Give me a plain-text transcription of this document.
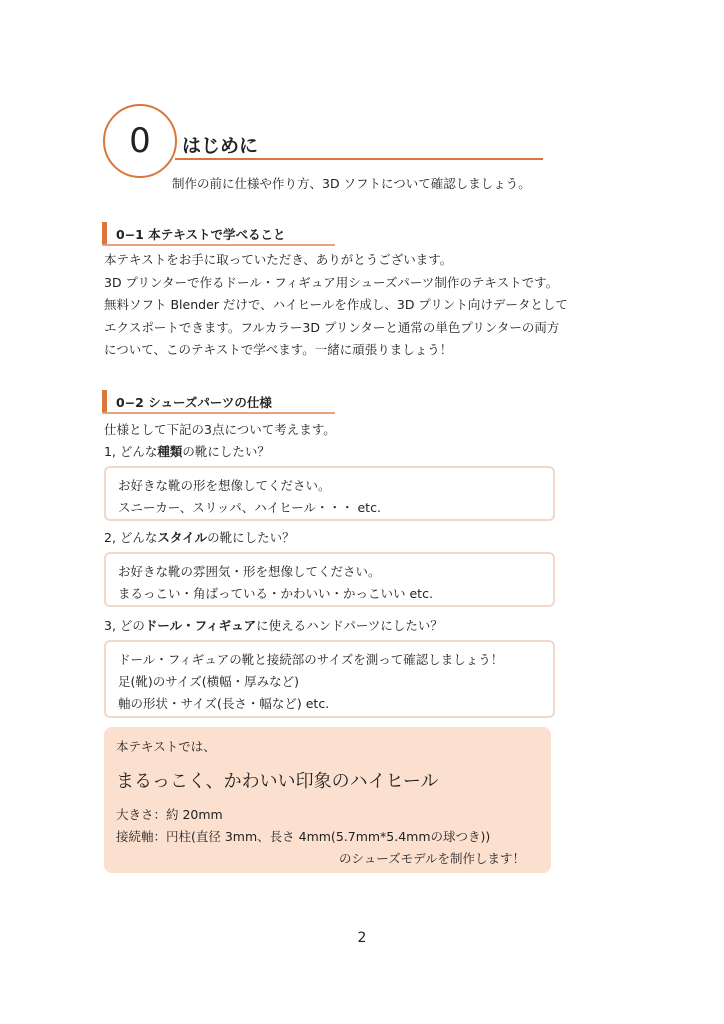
0 はじめに
制作の前に仕様や作り方、3D ソフトについて確認しましょう。
0−1 本テキストで学べること

本テキストをお手に取っていただき、ありがとうございます。

3D プリンターで作るドール・フィギュア用シューズパーツ制作のテキストです。

無料ソフト Blender だけで、ハイヒールを作成し、3D プリント向けデータとして

エクスポートできます。フルカラー3D プリンターと通常の単色プリンターの両方

について、このテキストで学べます。一緒に頑張りましょう！

0−2 シューズパーツの仕様
仕様として下記の3点について考えます。
1, どんな種類の靴にしたい？

お好きな靴の形を想像してください。

スニーカー、スリッパ、ハイヒール・・・ etc.

2, どんなスタイルの靴にしたい？

お好きな靴の雰囲気・形を想像してください。

まるっこい・角ばっている・かわいい・かっこいい etc.

3, どのドール・フィギュアに使えるハンドパーツにしたい？

ドール・フィギュアの靴と接続部のサイズを測って確認しましょう！

足(靴)のサイズ(横幅・厚みなど)

軸の形状・サイズ(長さ・幅など) etc.

本テキストでは、
まるっこく、かわいい印象のハイヒール
大きさ：約 20mm
接続軸：円柱(直径 3mm、長さ 4mm(5.7mm*5.4mmの球つき))
のシューズモデルを制作します！
2
